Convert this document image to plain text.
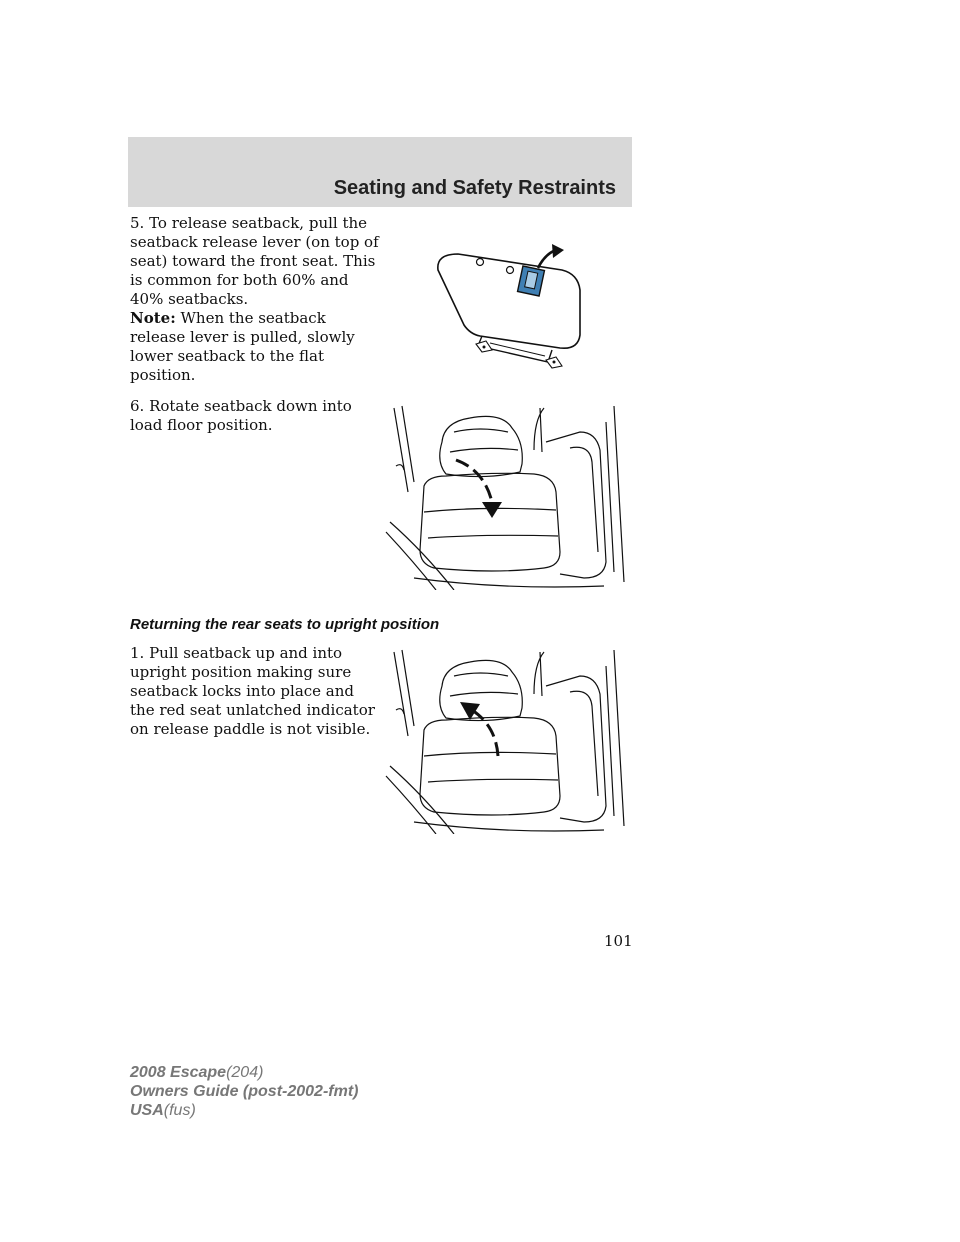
Seating and Safety Restraints

5. To release seatback, pull the seatback release lever (on top of seat) toward the front seat. This is common for both 60% and 40% seatbacks.

Note: When the seatback release lever is pulled, slowly lower seatback to the flat position.

6. Rotate seatback down into load floor position.

Returning the rear seats to upright position

1. Pull seatback up and into upright position making sure seatback locks into place and the red seat unlatched indicator on release paddle is not visible.

101
2008 Escape(204)
Owners Guide (post-2002-fmt)
USA(fus)
